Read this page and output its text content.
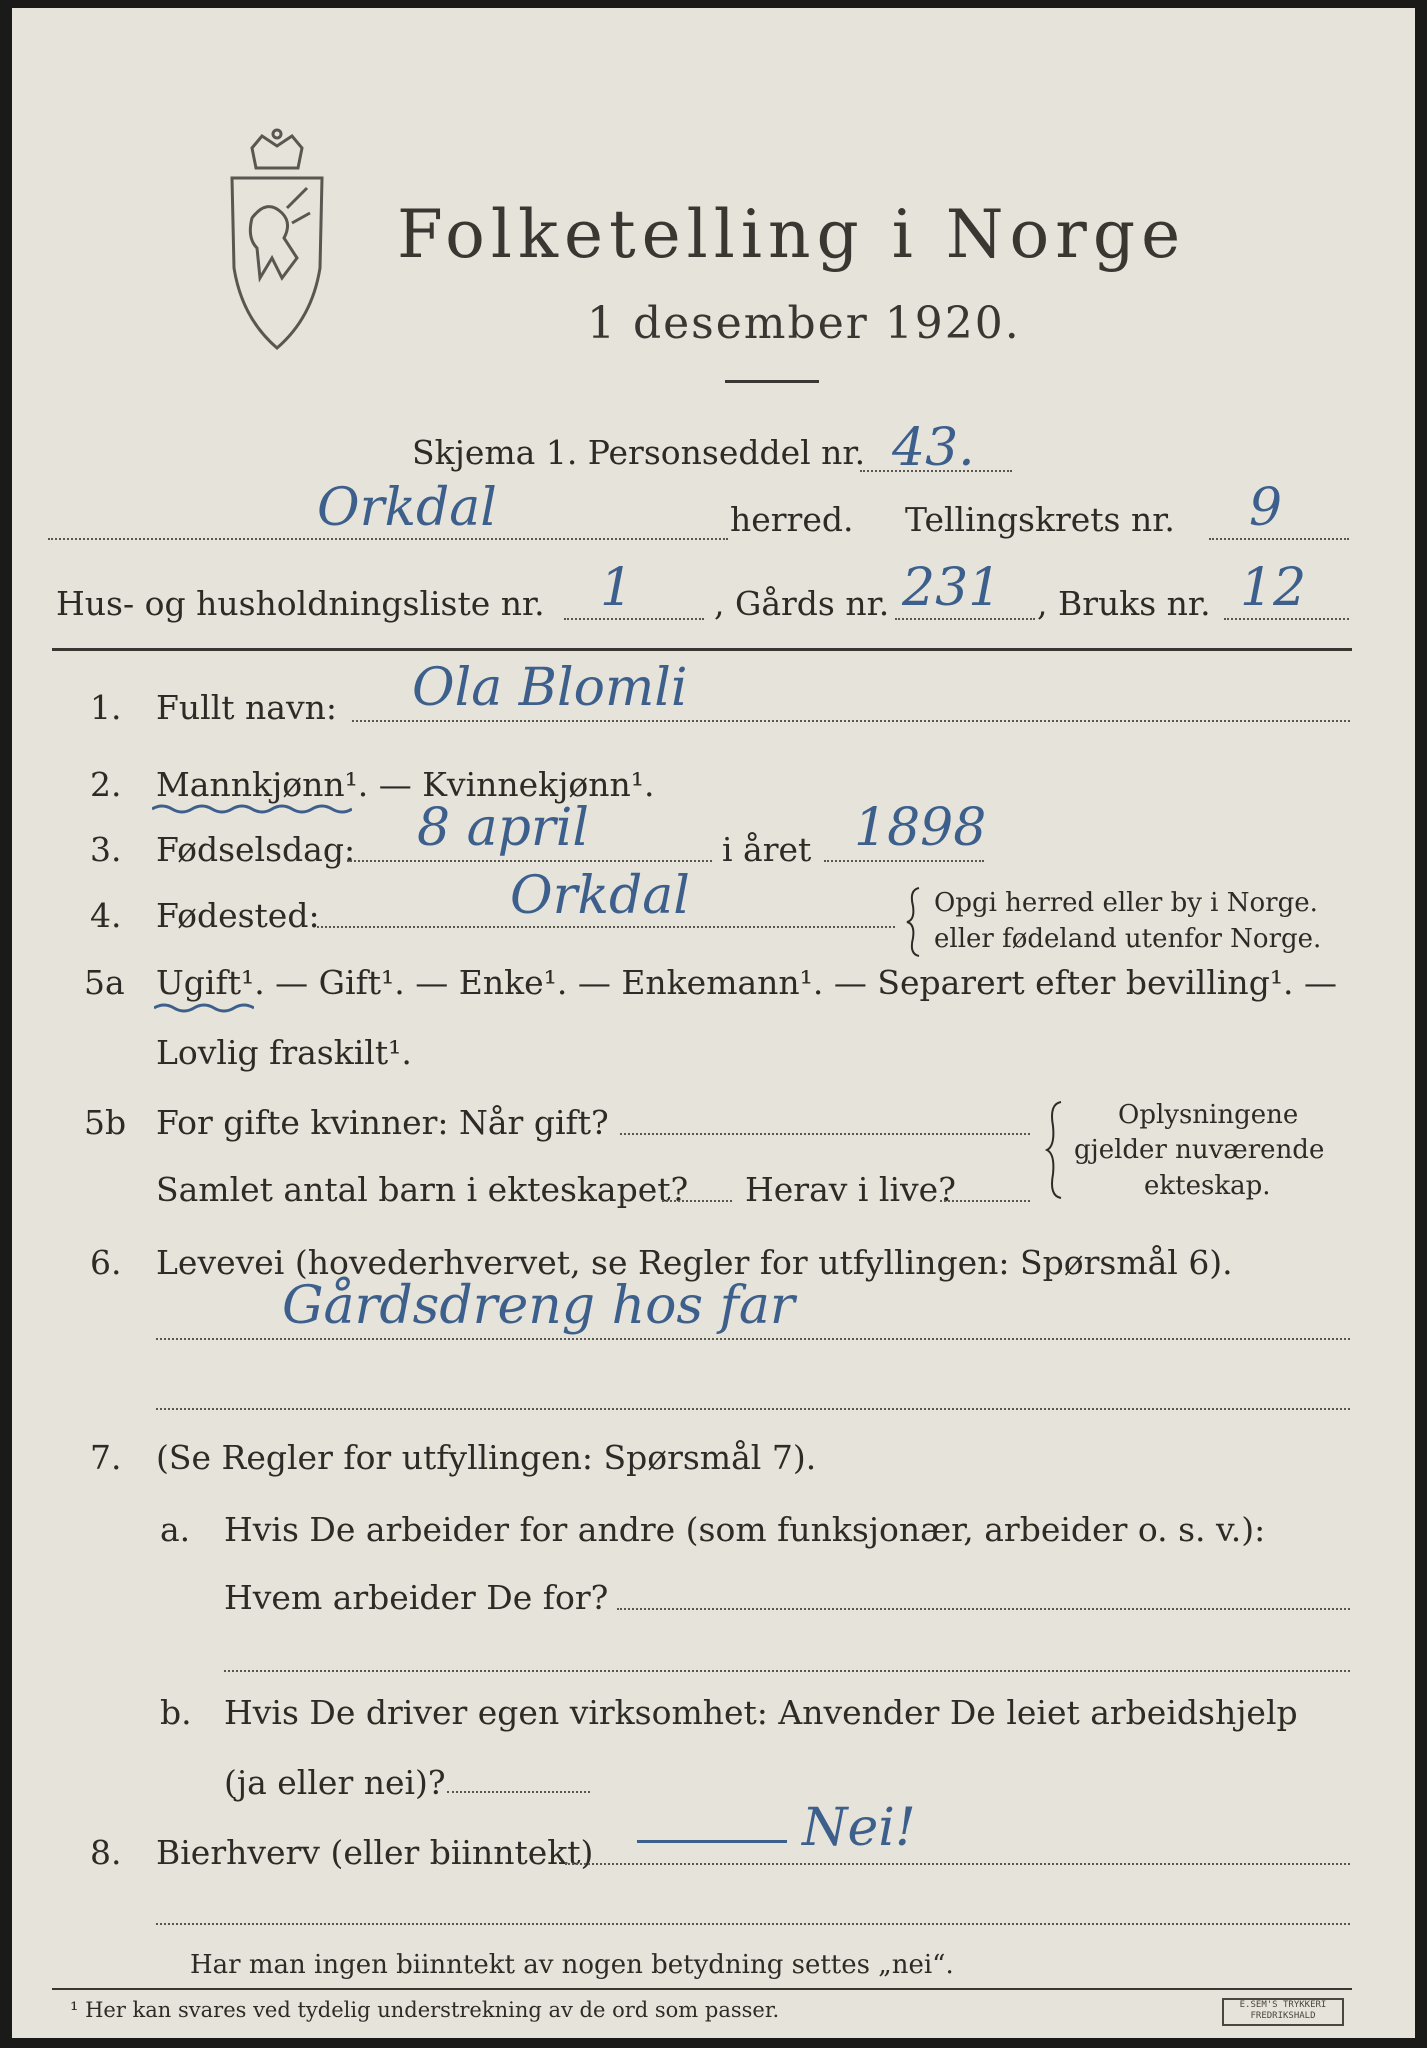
Folketelling i Norge
1 desember 1920.
Skjema 1. Personseddel nr. 43.
Orkdal	herred. Tellingskrets nr. 9
Hus- og husholdningsliste nr. 1 , Gårds nr. 231 , Bruks nr. 12
1. Fullt navn: Ola Blomli
2. Mannkjønn¹. — Kvinnekjønn¹.
3. Fødselsdag: 8 april	i året 1898
4. Fødested:	Orkdal	Opgi herred eller by i Norge.
eller fødeland utenfor Norge.
5a Ugift¹. — Gift¹. — Enke¹. — Enkemann¹. — Separert efter bevilling¹. —
Lovlig fraskilt¹.
5b For gifte kvinner: Når gift?
Samlet antal barn i ekteskapet? Herav i live?
Oplysningene
gjelder nuværende
ekteskap.
6. Levevei (hovederhvervet, se Regler for utfyllingen: Spørsmål 6).
Gårdsdreng hos far
7. (Se Regler for utfyllingen: Spørsmål 7).
a. Hvis De arbeider for andre (som funksjonær, arbeider o. s. v.):
Hvem arbeider De for?
b. Hvis De driver egen virksomhet: Anvender De leiet arbeidshjelp
(ja eller nei)?
8. Bierhverv (eller biinntekt)	Nei!
Har man ingen biinntekt av nogen betydning settes „nei“.
¹ Her kan svares ved tydelig understrekning av de ord som passer.	E.SEM'S TRYKKERI
FREDRIKSHALD
